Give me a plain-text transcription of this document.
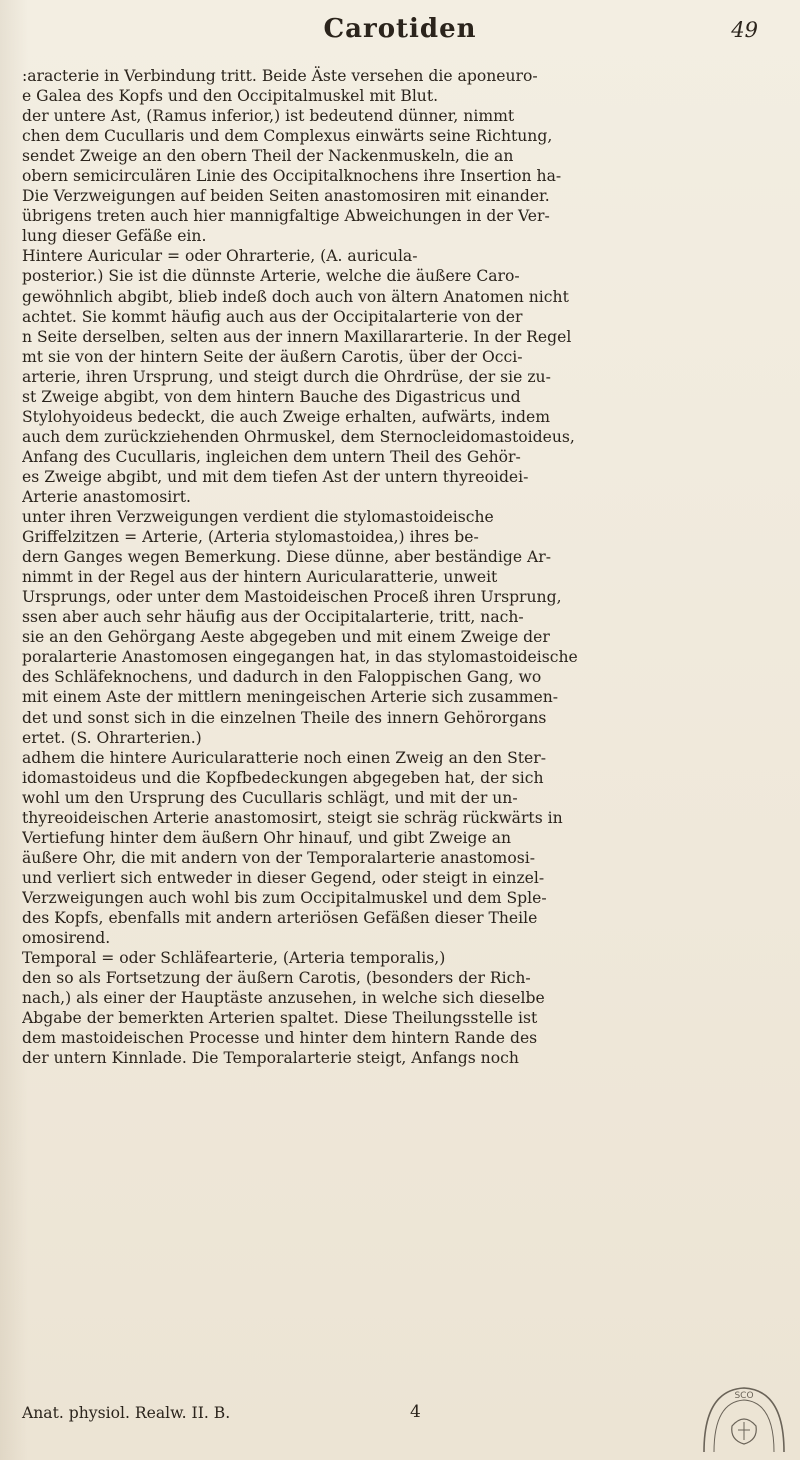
Carotiden	49
:aracterie in Verbindung tritt. Beide Äste versehen die aponeuro-
e Galea des Kopfs und den Occipitalmuskel mit Blut.
der untere Ast, (Ramus inferior,) ist bedeutend dünner, nimmt
chen dem Cucullaris und dem Complexus einwärts seine Richtung,
sendet Zweige an den obern Theil der Nackenmuskeln, die an
obern semicirculären Linie des Occipitalknochens ihre Insertion ha-
Die Verzweigungen auf beiden Seiten anastomosiren mit einander.
übrigens treten auch hier mannigfaltige Abweichungen in der Ver-
lung dieser Gefäße ein.
Hintere Auricular = oder Ohrarterie, (A. auricula-
posterior.) Sie ist die dünnste Arterie, welche die äußere Caro-
gewöhnlich abgibt, blieb indeß doch auch von ältern Anatomen nicht
achtet. Sie kommt häufig auch aus der Occipitalarterie von der
n Seite derselben, selten aus der innern Maxillararterie. In der Regel
mt sie von der hintern Seite der äußern Carotis, über der Occi-
arterie, ihren Ursprung, und steigt durch die Ohrdrüse, der sie zu-
st Zweige abgibt, von dem hintern Bauche des Digastricus und
Stylohyoideus bedeckt, die auch Zweige erhalten, aufwärts, indem
auch dem zurückziehenden Ohrmuskel, dem Sternocleidomastoideus,
Anfang des Cucullaris, ingleichen dem untern Theil des Gehör-
es Zweige abgibt, und mit dem tiefen Ast der untern thyreoidei-
Arterie anastomosirt.
unter ihren Verzweigungen verdient die stylomastoideische
Griffelzitzen = Arterie, (Arteria stylomastoidea,) ihres be-
dern Ganges wegen Bemerkung. Diese dünne, aber beständige Ar-
nimmt in der Regel aus der hintern Auricularatterie, unweit
Ursprungs, oder unter dem Mastoideischen Proceß ihren Ursprung,
ssen aber auch sehr häufig aus der Occipitalarterie, tritt, nach-
sie an den Gehörgang Aeste abgegeben und mit einem Zweige der
poralarterie Anastomosen eingegangen hat, in das stylomastoideische
des Schläfeknochens, und dadurch in den Faloppischen Gang, wo
mit einem Aste der mittlern meningeischen Arterie sich zusammen-
det und sonst sich in die einzelnen Theile des innern Gehörorgans
ertet. (S. Ohrarterien.)
adhem die hintere Auricularatterie noch einen Zweig an den Ster-
idomastoideus und die Kopfbedeckungen abgegeben hat, der sich
wohl um den Ursprung des Cucullaris schlägt, und mit der un-
thyreoideischen Arterie anastomosirt, steigt sie schräg rückwärts in
Vertiefung hinter dem äußern Ohr hinauf, und gibt Zweige an
äußere Ohr, die mit andern von der Temporalarterie anastomosi-
und verliert sich entweder in dieser Gegend, oder steigt in einzel-
Verzweigungen auch wohl bis zum Occipitalmuskel und dem Sple-
des Kopfs, ebenfalls mit andern arteriösen Gefäßen dieser Theile
omosirend.
Temporal = oder Schläfearterie, (Arteria temporalis,)
den so als Fortsetzung der äußern Carotis, (besonders der Rich-
nach,) als einer der Hauptäste anzusehen, in welche sich dieselbe
Abgabe der bemerkten Arterien spaltet. Diese Theilungsstelle ist
dem mastoideischen Processe und hinter dem hintern Rande des
der untern Kinnlade. Die Temporalarterie steigt, Anfangs noch
Anat. physiol. Realw. II. B.	4
SCO
